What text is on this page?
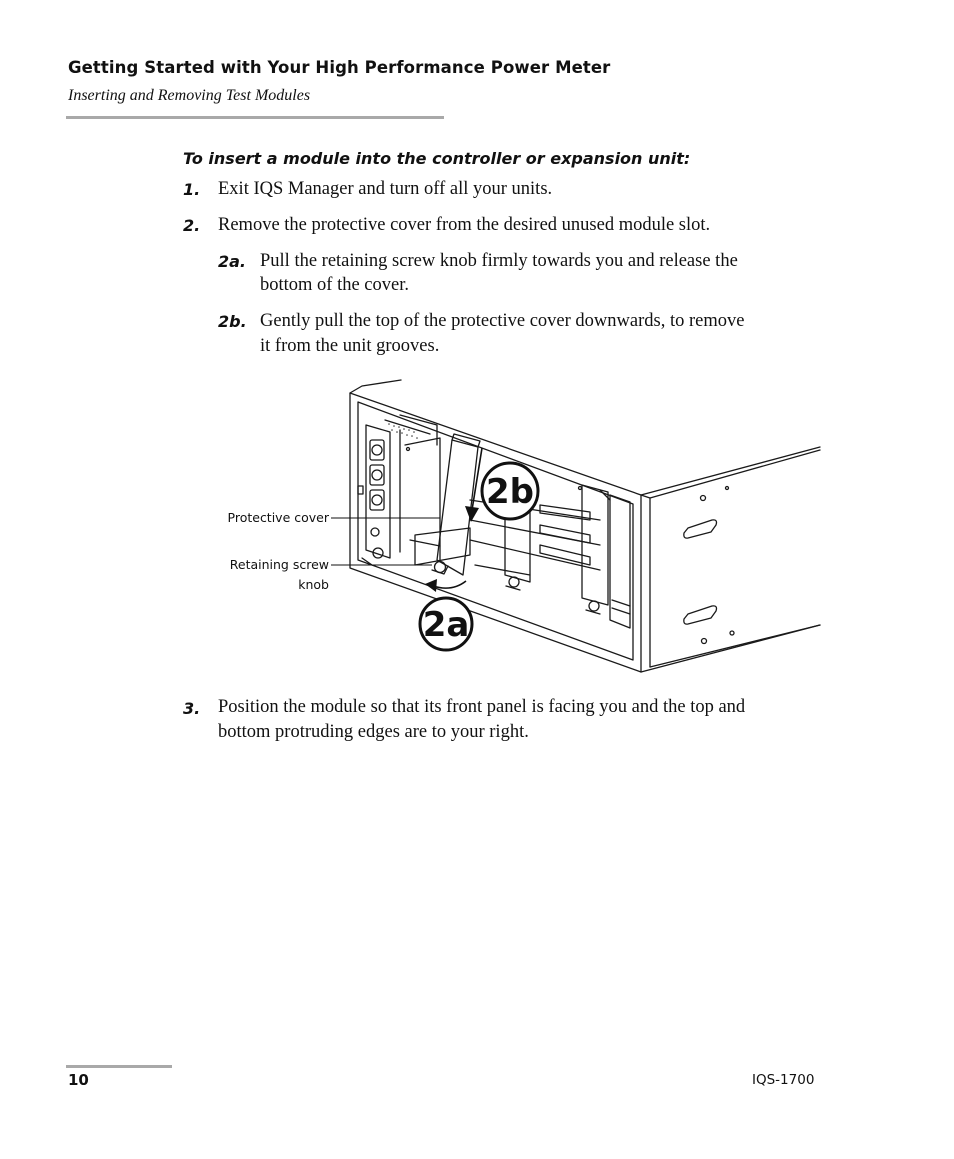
Getting Started with Your High Performance Power Meter
Inserting and Removing Test Modules
To insert a module into the controller or expansion unit:
1. Exit IQS Manager and turn off all your units.
2. Remove the protective cover from the desired unused module slot.
2a. Pull the retaining screw knob firmly towards you and release the
bottom of the cover.
2b. Gently pull the top of the protective cover downwards, to remove
it from the unit grooves.
2b
2a
Protective cover
Retaining screw
knob
3. Position the module so that its front panel is facing you and the top and
bottom protruding edges are to your right.
10	IQS-1700
